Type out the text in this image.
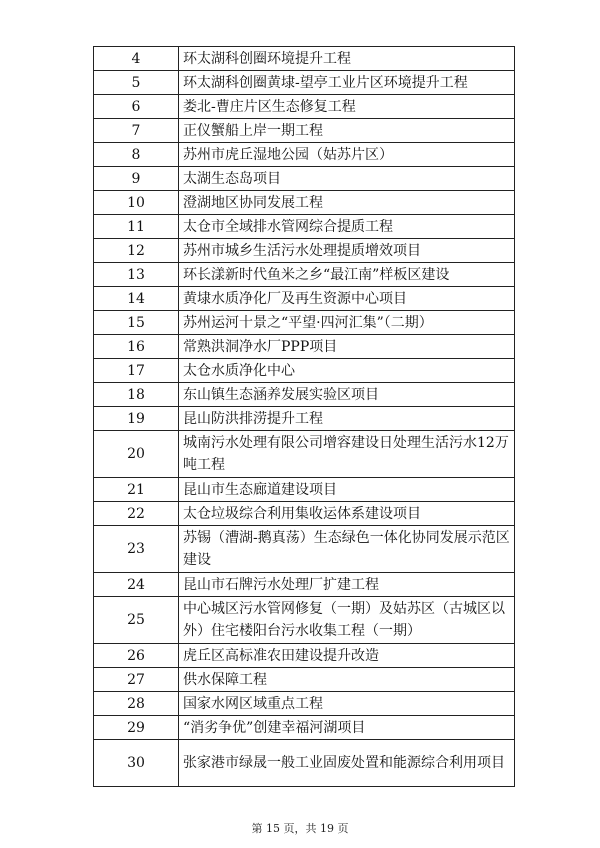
4	环太湖科创圈环境提升工程
5	环太湖科创圈黄埭-望亭工业片区环境提升工程
6	娄北-曹庄片区生态修复工程
7	正仪蟹船上岸一期工程
8	苏州市虎丘湿地公园（姑苏片区）
9	太湖生态岛项目
10	澄湖地区协同发展工程
11	太仓市全域排水管网综合提质工程
12	苏州市城乡生活污水处理提质增效项目
13	环长漾新时代鱼米之乡“最江南”样板区建设
14	黄埭水质净化厂及再生资源中心项目
15	苏州运河十景之“平望·四河汇集”（二期）
16	常熟洪洞净水厂PPP项目
17	太仓水质净化中心
18	东山镇生态涵养发展实验区项目
19	昆山防洪排涝提升工程
20	城南污水处理有限公司增容建设日处理生活污水12万吨工程
21	昆山市生态廊道建设项目
22	太仓垃圾综合利用集收运体系建设项目
23	苏锡（漕湖-鹅真荡）生态绿色一体化协同发展示范区建设
24	昆山市石牌污水处理厂扩建工程
25	中心城区污水管网修复（一期）及姑苏区（古城区以外）住宅楼阳台污水收集工程（一期）
26	虎丘区高标准农田建设提升改造
27	供水保障工程
28	国家水网区域重点工程
29	“消劣争优”创建幸福河湖项目
30	张家港市绿晟一般工业固废处置和能源综合利用项目
第 15 页，共 19 页
